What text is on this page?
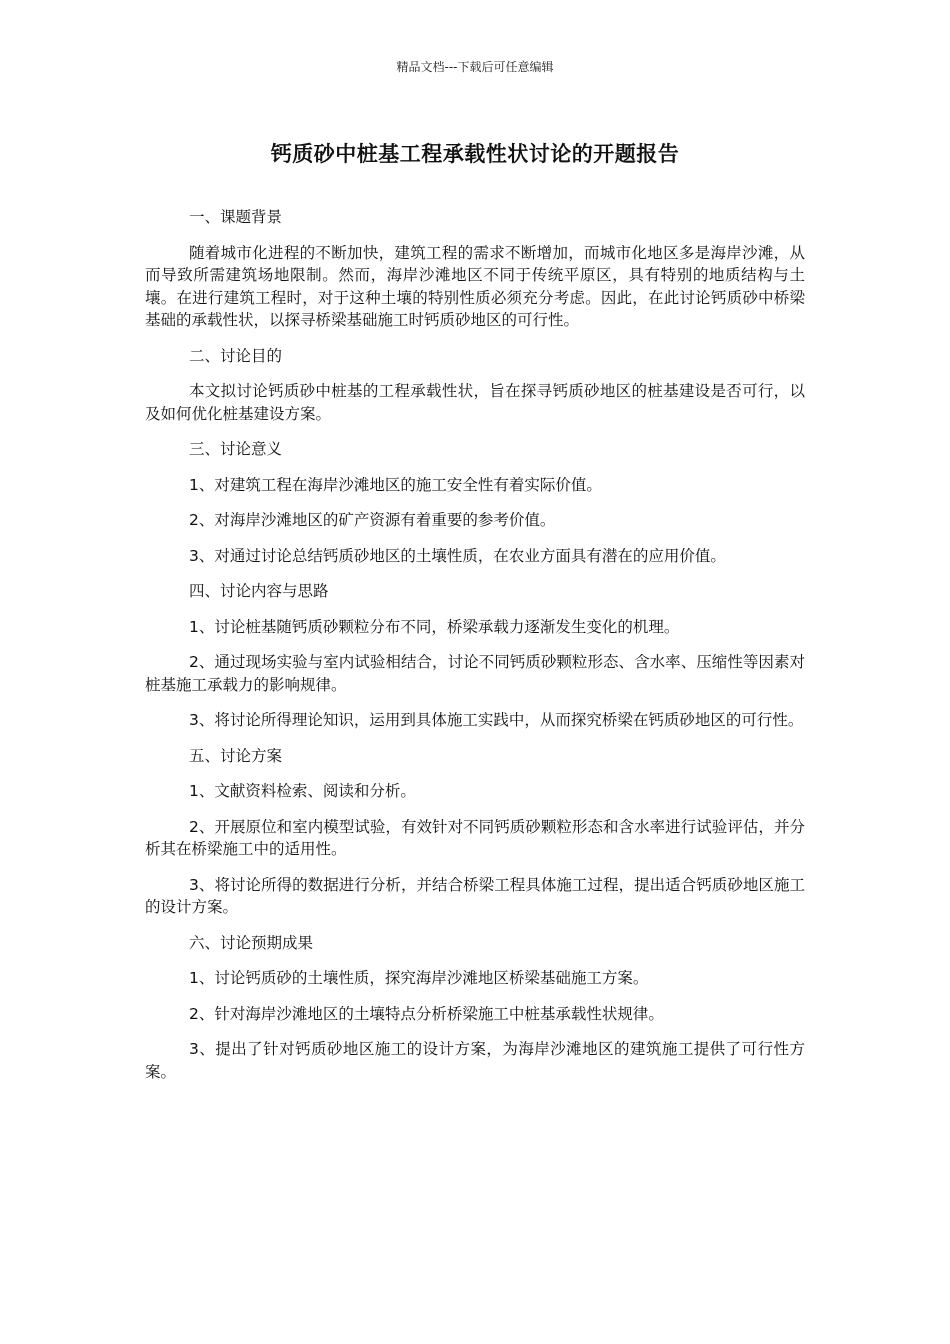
精品文档---下载后可任意编辑
钙质砂中桩基工程承载性状讨论的开题报告

一、课题背景

随着城市化进程的不断加快，建筑工程的需求不断增加，而城市化地区多是海岸沙滩，从而导致所需建筑场地限制。然而，海岸沙滩地区不同于传统平原区，具有特别的地质结构与土壤。在进行建筑工程时，对于这种土壤的特别性质必须充分考虑。因此，在此讨论钙质砂中桥梁基础的承载性状，以探寻桥梁基础施工时钙质砂地区的可行性。

二、讨论目的

本文拟讨论钙质砂中桩基的工程承载性状，旨在探寻钙质砂地区的桩基建设是否可行，以及如何优化桩基建设方案。

三、讨论意义

1、对建筑工程在海岸沙滩地区的施工安全性有着实际价值。

2、对海岸沙滩地区的矿产资源有着重要的参考价值。

3、对通过讨论总结钙质砂地区的土壤性质，在农业方面具有潜在的应用价值。

四、讨论内容与思路

1、讨论桩基随钙质砂颗粒分布不同，桥梁承载力逐渐发生变化的机理。

2、通过现场实验与室内试验相结合，讨论不同钙质砂颗粒形态、含水率、压缩性等因素对桩基施工承载力的影响规律。

3、将讨论所得理论知识，运用到具体施工实践中，从而探究桥梁在钙质砂地区的可行性。

五、讨论方案

1、文献资料检索、阅读和分析。

2、开展原位和室内模型试验，有效针对不同钙质砂颗粒形态和含水率进行试验评估，并分析其在桥梁施工中的适用性。

3、将讨论所得的数据进行分析，并结合桥梁工程具体施工过程，提出适合钙质砂地区施工的设计方案。

六、讨论预期成果

1、讨论钙质砂的土壤性质，探究海岸沙滩地区桥梁基础施工方案。

2、针对海岸沙滩地区的土壤特点分析桥梁施工中桩基承载性状规律。

3、提出了针对钙质砂地区施工的设计方案，为海岸沙滩地区的建筑施工提供了可行性方案。
